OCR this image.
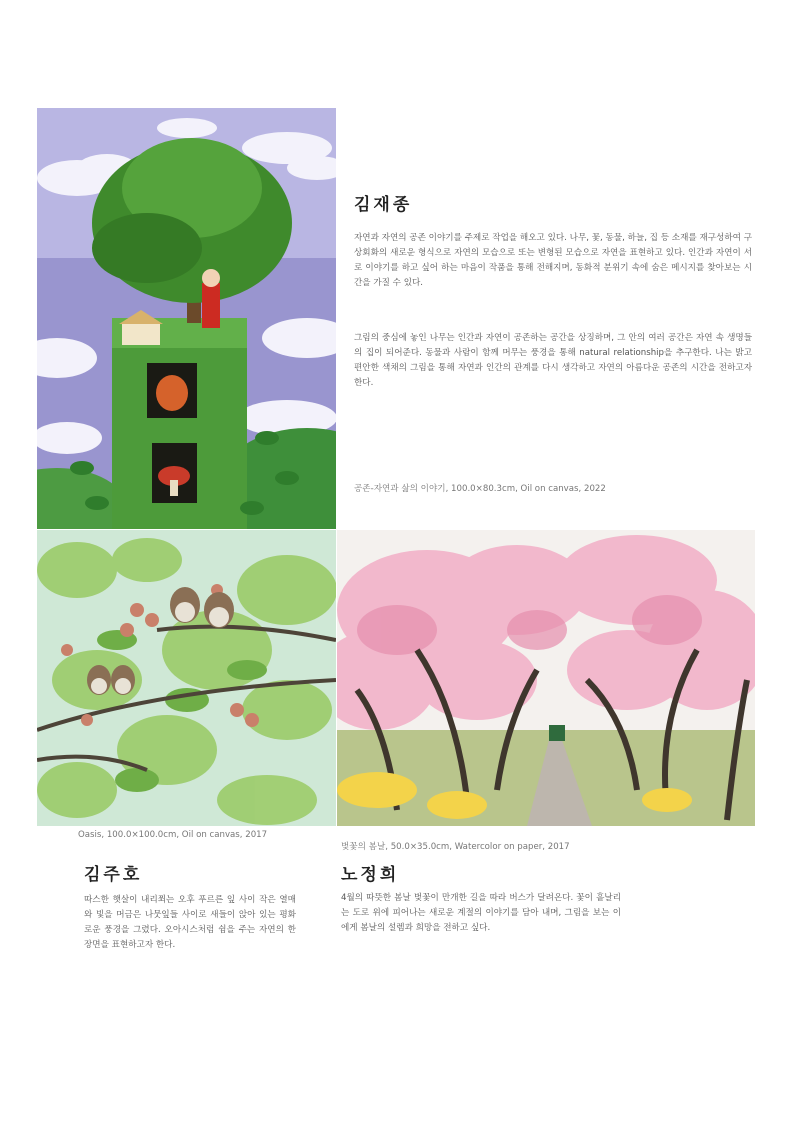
김재종

자연과 자연의 공존 이야기를 주제로 작업을 해오고 있다. 나무, 꽃, 동물, 하늘, 집 등 소재를 재구성하여 구상회화의 새로운 형식으로 자연의 모습으로 또는 변형된 모습으로 자연을 표현하고 있다. 인간과 자연이 서로 이야기를 하고 싶어 하는 마음이 작품을 통해 전해지며, 동화적 분위기 속에 숨은 메시지를 찾아보는 시간을 가질 수 있다.

그림의 중심에 놓인 나무는 인간과 자연이 공존하는 공간을 상징하며, 그 안의 여러 공간은 자연 속 생명들의 집이 되어준다. 동물과 사람이 함께 머무는 풍경을 통해 natural relationship을 추구한다. 나는 밝고 편안한 색채의 그림을 통해 자연과 인간의 관계를 다시 생각하고 자연의 아름다운 공존의 시간을 전하고자 한다.

공존-자연과 삶의 이야기, 100.0×80.3cm, Oil on canvas, 2022
Oasis, 100.0×100.0cm, Oil on canvas, 2017
김주호

따스한 햇살이 내리쬐는 오후 푸르른 잎 사이 작은 열매와 빛을 머금은 나뭇잎들 사이로 새들이 앉아 있는 평화로운 풍경을 그렸다. 오아시스처럼 쉼을 주는 자연의 한 장면을 표현하고자 한다.

벚꽃의 봄날, 50.0×35.0cm, Watercolor on paper, 2017
노정희

4월의 따뜻한 봄날 벚꽃이 만개한 길을 따라 버스가 달려온다. 꽃이 흩날리는 도로 위에 피어나는 새로운 계절의 이야기를 담아 내며, 그림을 보는 이에게 봄날의 설렘과 희망을 전하고 싶다.
